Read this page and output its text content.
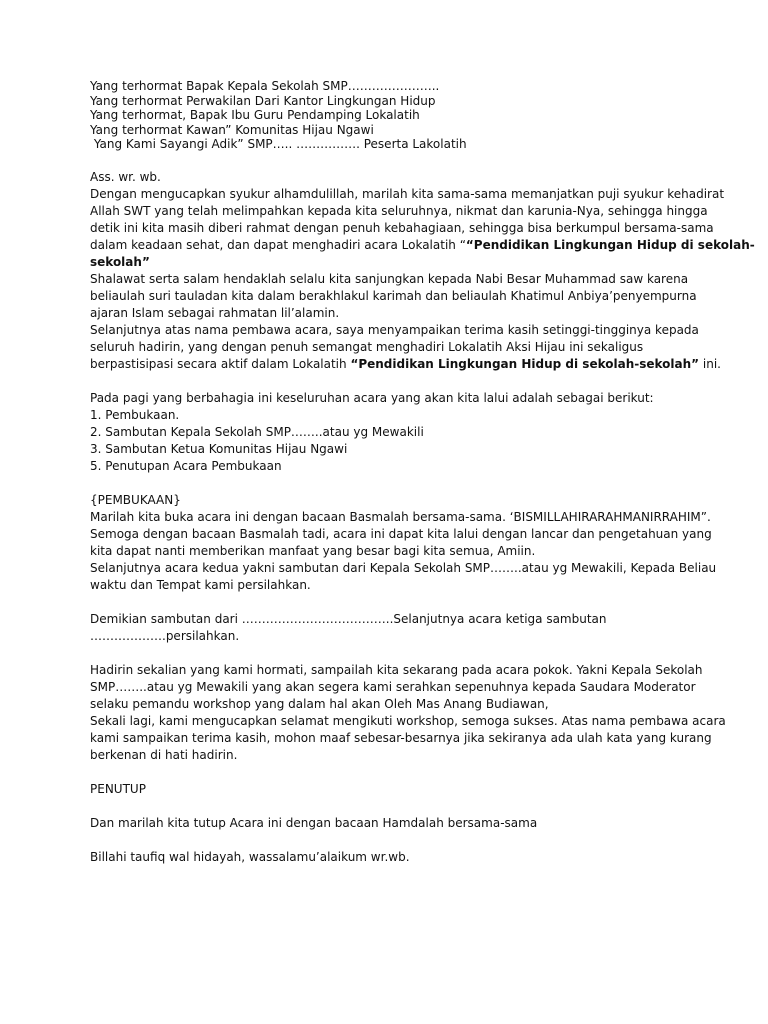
Yang terhormat Bapak Kepala Sekolah SMP…………………..
Yang terhormat Perwakilan Dari Kantor Lingkungan Hidup
Yang terhormat, Bapak Ibu Guru Pendamping Lokalatih
Yang terhormat Kawan” Komunitas Hijau Ngawi
Yang Kami Sayangi Adik” SMP….. ……………. Peserta Lakolatih
Ass. wr. wb.
Dengan mengucapkan syukur alhamdulillah, marilah kita sama-sama memanjatkan puji syukur kehadirat
Allah SWT yang telah melimpahkan kepada kita seluruhnya, nikmat dan karunia-Nya, sehingga hingga
detik ini kita masih diberi rahmat dengan penuh kebahagiaan, sehingga bisa berkumpul bersama-sama
dalam keadaan sehat, dan dapat menghadiri acara Lokalatih ““Pendidikan Lingkungan Hidup di sekolah-
sekolah”
Shalawat serta salam hendaklah selalu kita sanjungkan kepada Nabi Besar Muhammad saw karena
beliaulah suri tauladan kita dalam berakhlakul karimah dan beliaulah Khatimul Anbiya’penyempurna
ajaran Islam sebagai rahmatan lil’alamin.
Selanjutnya atas nama pembawa acara, saya menyampaikan terima kasih setinggi-tingginya kepada
seluruh hadirin, yang dengan penuh semangat menghadiri Lokalatih Aksi Hijau ini sekaligus
berpastisipasi secara aktif dalam Lokalatih “Pendidikan Lingkungan Hidup di sekolah-sekolah” ini.
Pada pagi yang berbahagia ini keseluruhan acara yang akan kita lalui adalah sebagai berikut:
1. Pembukaan.
2. Sambutan Kepala Sekolah SMP……..atau yg Mewakili
3. Sambutan Ketua Komunitas Hijau Ngawi
5. Penutupan Acara Pembukaan
{PEMBUKAAN}
Marilah kita buka acara ini dengan bacaan Basmalah bersama-sama. ‘BISMILLAHIRARAHMANIRRAHIM”.
Semoga dengan bacaan Basmalah tadi, acara ini dapat kita lalui dengan lancar dan pengetahuan yang
kita dapat nanti memberikan manfaat yang besar bagi kita semua, Amiin.
Selanjutnya acara kedua yakni sambutan dari Kepala Sekolah SMP……..atau yg Mewakili, Kepada Beliau
waktu dan Tempat kami persilahkan.
Demikian sambutan dari ………………………………..Selanjutnya acara ketiga sambutan
……………….persilahkan.
Hadirin sekalian yang kami hormati, sampailah kita sekarang pada acara pokok. Yakni Kepala Sekolah
SMP……..atau yg Mewakili yang akan segera kami serahkan sepenuhnya kepada Saudara Moderator
selaku pemandu workshop yang dalam hal akan Oleh Mas Anang Budiawan,
Sekali lagi, kami mengucapkan selamat mengikuti workshop, semoga sukses. Atas nama pembawa acara
kami sampaikan terima kasih, mohon maaf sebesar-besarnya jika sekiranya ada ulah kata yang kurang
berkenan di hati hadirin.
PENUTUP
Dan marilah kita tutup Acara ini dengan bacaan Hamdalah bersama-sama
Billahi taufiq wal hidayah, wassalamu’alaikum wr.wb.
